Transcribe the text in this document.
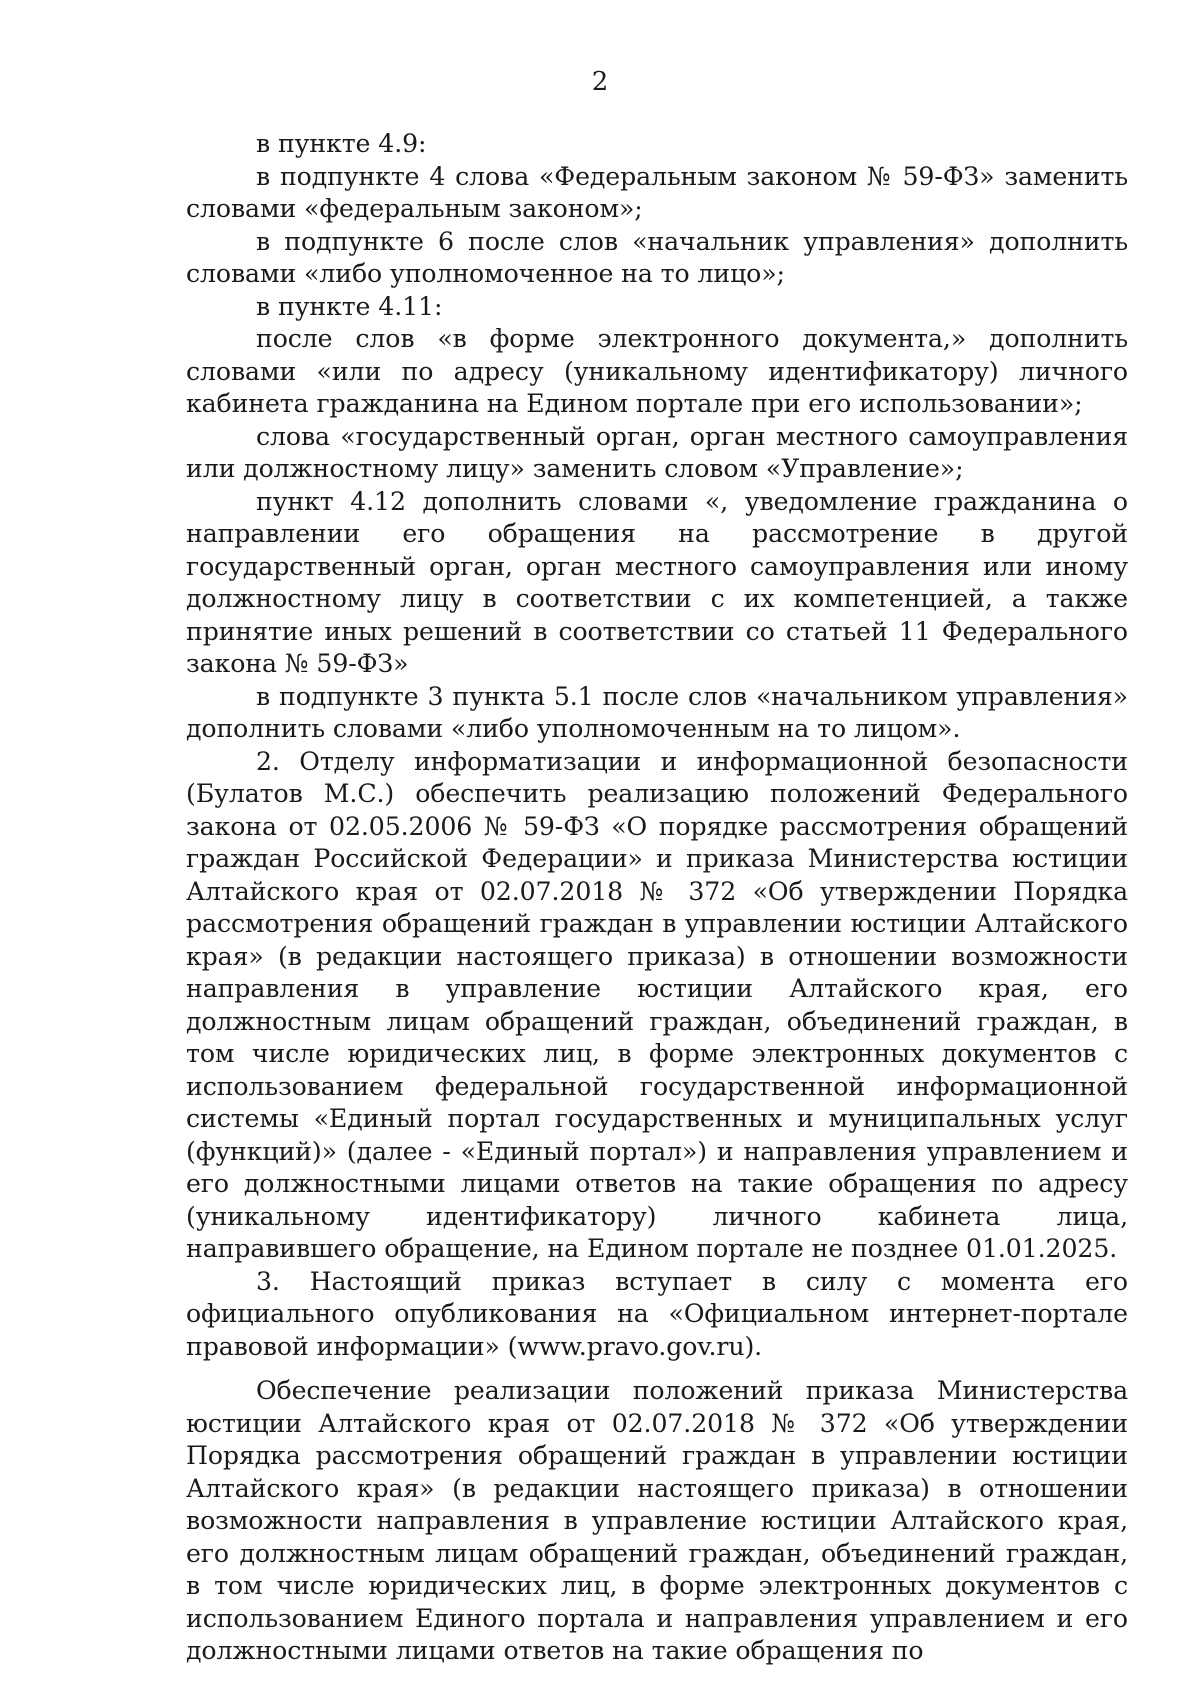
2

в пункте 4.9:

в подпункте 4 слова «Федеральным законом № 59-ФЗ» заменить словами «федеральным законом»;

в подпункте 6 после слов «начальник управления» дополнить словами «либо уполномоченное на то лицо»;

в пункте 4.11:

после слов «в форме электронного документа,» дополнить словами «или по адресу (уникальному идентификатору) личного кабинета гражданина на Едином портале при его использовании»;

слова «государственный орган, орган местного самоуправления или должностному лицу» заменить словом «Управление»;

пункт 4.12 дополнить словами «, уведомление гражданина о направлении его обращения на рассмотрение в другой государственный орган, орган местного самоуправления или иному должностному лицу в соответствии с их компетенцией, а также принятие иных решений в соответствии со статьей 11 Федерального закона № 59-ФЗ»

в подпункте 3 пункта 5.1 после слов «начальником управления» дополнить словами «либо уполномоченным на то лицом».

2. Отделу информатизации и информационной безопасности (Булатов М.С.) обеспечить реализацию положений Федерального закона от 02.05.2006 № 59-ФЗ «О порядке рассмотрения обращений граждан Российской Федерации» и приказа Министерства юстиции Алтайского края от 02.07.2018 № 372 «Об утверждении Порядка рассмотрения обращений граждан в управлении юстиции Алтайского края» (в редакции настоящего приказа) в отношении возможности направления в управление юстиции Алтайского края, его должностным лицам обращений граждан, объединений граждан, в том числе юридических лиц, в форме электронных документов с использованием федеральной государственной информационной системы «Единый портал государственных и муниципальных услуг (функций)» (далее - «Единый портал») и направления управлением и его должностными лицами ответов на такие обращения по адресу (уникальному идентификатору) личного кабинета лица, направившего обращение, на Едином портале не позднее 01.01.2025.

3. Настоящий приказ вступает в силу с момента его официального опубликования на «Официальном интернет-портале правовой информации» (www.pravo.gov.ru).

Обеспечение реализации положений приказа Министерства юстиции Алтайского края от 02.07.2018 № 372 «Об утверждении Порядка рассмотрения обращений граждан в управлении юстиции Алтайского края» (в редакции настоящего приказа) в отношении возможности направления в управление юстиции Алтайского края, его должностным лицам обращений граждан, объединений граждан, в том числе юридических лиц, в форме электронных документов с использованием Единого портала и направления управлением и его должностными лицами ответов на такие обращения по
